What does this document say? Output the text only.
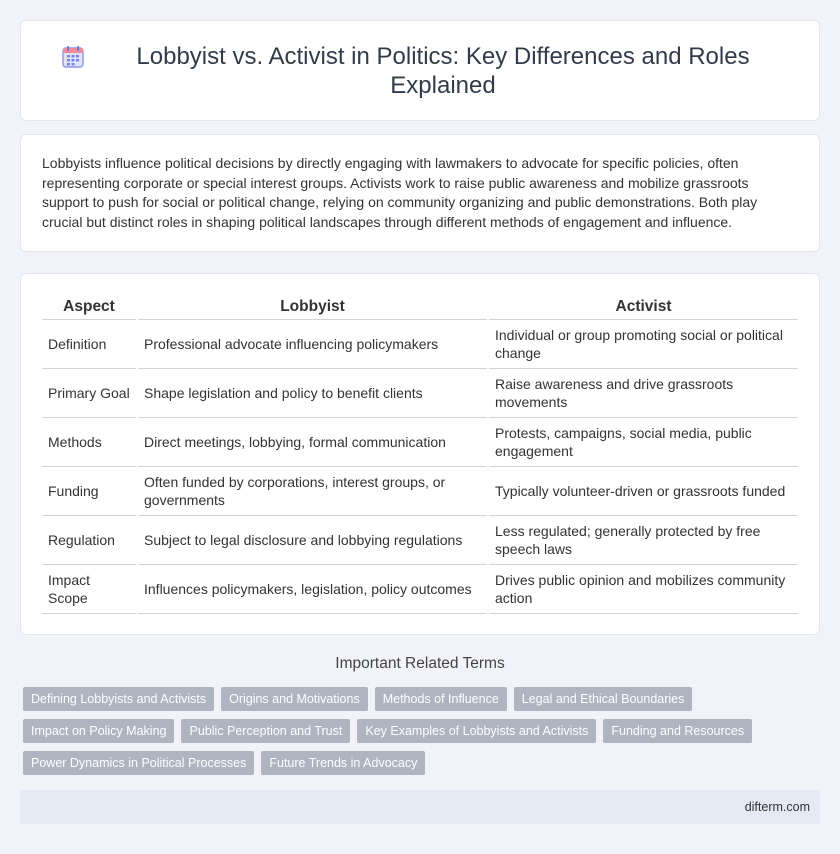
Lobbyist vs. Activist in Politics: Key Differences and Roles Explained

Lobbyists influence political decisions by directly engaging with lawmakers to advocate for specific policies, often representing corporate or special interest groups. Activists work to raise public awareness and mobilize grassroots support to push for social or political change, relying on community organizing and public demonstrations. Both play crucial but distinct roles in shaping political landscapes through different methods of engagement and influence.

Aspect	Lobbyist	Activist
Definition	Professional advocate influencing policymakers	Individual or group promoting social or political change
Primary Goal	Shape legislation and policy to benefit clients	Raise awareness and drive grassroots movements
Methods	Direct meetings, lobbying, formal communication	Protests, campaigns, social media, public engagement
Funding	Often funded by corporations, interest groups, or governments	Typically volunteer-driven or grassroots funded
Regulation	Subject to legal disclosure and lobbying regulations	Less regulated; generally protected by free speech laws
Impact Scope	Influences policymakers, legislation, policy outcomes	Drives public opinion and mobilizes community action
Important Related Terms
Defining Lobbyists and Activists	Origins and Motivations	Methods of Influence	Legal and Ethical Boundaries
Impact on Policy Making	Public Perception and Trust	Key Examples of Lobbyists and Activists	Funding and Resources
Power Dynamics in Political Processes	Future Trends in Advocacy
difterm.com
